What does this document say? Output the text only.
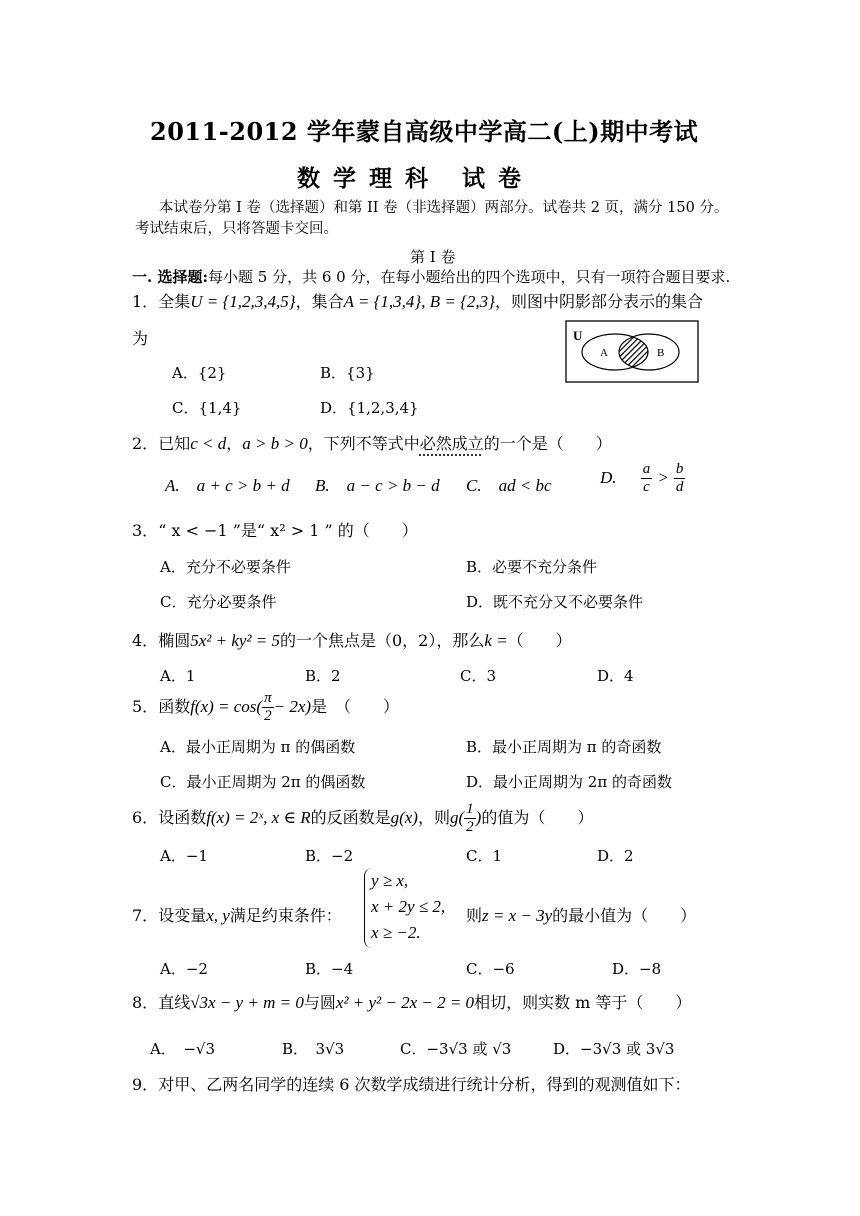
2011-2012 学年蒙自高级中学高二(上)期中考试
数学理科 试卷
本试卷分第 I 卷（选择题）和第 II 卷（非选择题）两部分。试卷共 2 页，满分 150 分。
考试结束后，只将答题卡交回。
第 I 卷
一. 选择题:每小题 5 分，共 6 0 分，在每小题给出的四个选项中，只有一项符合题目要求.
1．全集U = {1,2,3,4,5}，集合A = {1,3,4}, B = {2,3}，则图中阴影部分表示的集合
为
A．{2}	B．{3}
C．{1,4}	D．{1,2,3,4}
U
A	B
2．已知c < d，a > b > 0，下列不等式中必然成立的一个是（　　）
A.　a + c > b + d B.　a − c > b − d C.　ad < bc	D. $\frac{a}{c} > \frac{b}{d}$
3．“ x < −1 ”是“ x² > 1 ” 的（　　）
A．充分不必要条件	B．必要不充分条件
C．充分必要条件	D．既不充分又不必要条件
4．椭圆5x² + ky² = 5的一个焦点是（0，2），那么k =（　　）
A．1	B．2	C．3	D．4
5．函数$f(x) = \cos( \frac{\pi}{2} - 2x)$是　（　　）
A．最小正周期为 π 的偶函数	B．最小正周期为 π 的奇函数
C．最小正周期为 2π 的偶函数	D．最小正周期为 2π 的奇函数
6．设函数f(x) = 2ˣ, x ∈ R的反函数是g(x)，则$g( \frac{1}{2}$ )的值为（　　）
A．−1	B．−2	C．1	D．2
7．设变量x, y满足约束条件：
y ≥ x,
x + 2y ≤ 2,
x ≥ −2.
则z = x − 3y的最小值为（　　）
A．−2	B．−4	C．−6	D．−8
8．直线√3x − y + m = 0与圆x² + y² − 2x − 2 = 0相切，则实数 m 等于（　　）
A．　−√3	B．　3√3	C．−3√3 或 √3	D．−3√3 或 3√3
9．对甲、乙两名同学的连续 6 次数学成绩进行统计分析，得到的观测值如下：
